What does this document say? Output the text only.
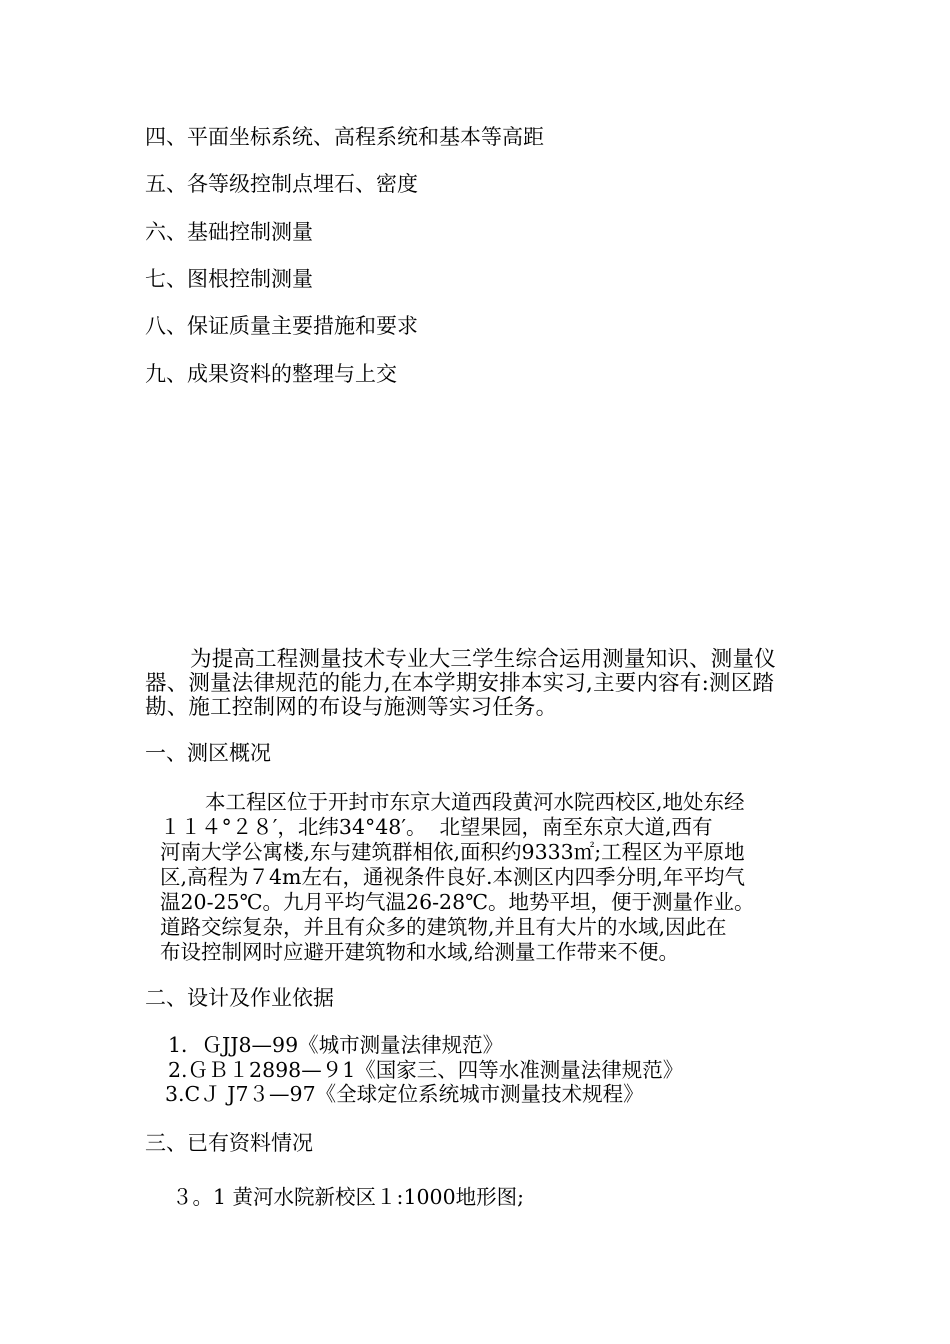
四、平面坐标系统、高程系统和基本等高距
五、各等级控制点埋石、密度
六、基础控制测量
七、图根控制测量
八、保证质量主要措施和要求
九、成果资料的整理与上交
为提高工程测量技术专业大三学生综合运用测量知识、测量仪
器、测量法律规范的能力,在本学期安排本实习,主要内容有:测区踏
勘、施工控制网的布设与施测等实习任务。
一、测区概况
本工程区位于开封市东京大道西段黄河水院西校区,地处东经
１１４°２８′，北纬34°48′。  北望果园，南至东京大道,西有
河南大学公寓楼,东与建筑群相依,面积约9333㎡;工程区为平原地
区,高程为７4m左右，通视条件良好.本测区内四季分明,年平均气
温20-25℃。九月平均气温26-28℃。地势平坦，便于测量作业。
道路交综复杂，并且有众多的建筑物,并且有大片的水域,因此在
布设控制网时应避开建筑物和水域,给测量工作带来不便。
二、设计及作业依据
1．ＧJJ8—99《城市测量法律规范》
2.ＧＢ１2898—９1《国家三、四等水准测量法律规范》
3.CＪ J7３—97《全球定位系统城市测量技术规程》
三、已有资料情况
３。1 黄河水院新校区１:1000地形图;
